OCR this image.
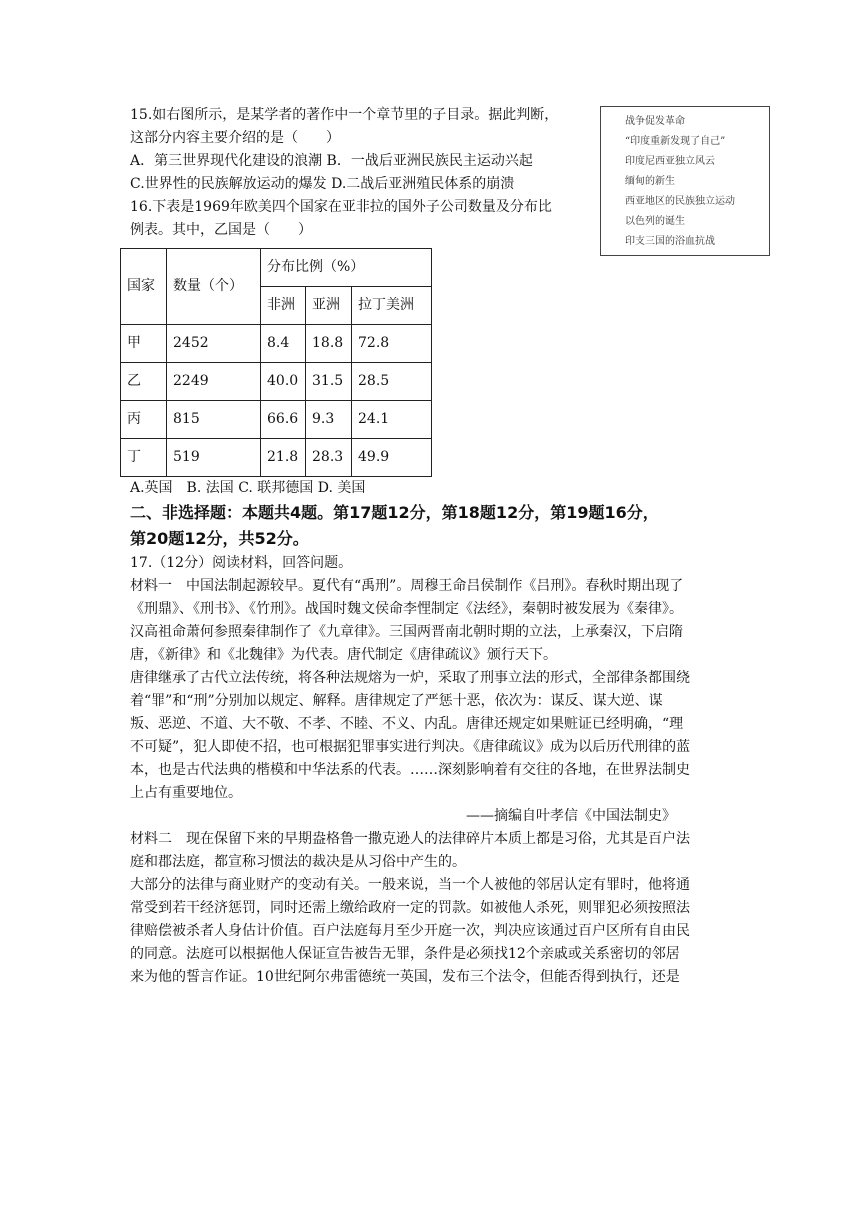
战争促发革命
“印度重新发现了自己”
印度尼西亚独立风云
缅甸的新生
西亚地区的民族独立运动
以色列的诞生
印支三国的浴血抗战
15.如右图所示，是某学者的著作中一个章节里的子目录。据此判断，
这部分内容主要介绍的是（　　）
A．第三世界现代化建设的浪潮 B．一战后亚洲民族民主运动兴起
C.世界性的民族解放运动的爆发 D.二战后亚洲殖民体系的崩溃
16.下表是1969年欧美四个国家在亚非拉的国外子公司数量及分布比
例表。其中，乙国是（　　）
国家	数量（个）	分布比例（%）		
		非洲	亚洲	拉丁美洲
甲	2452	8.4	18.8	72.8
乙	2249	40.0	31.5	28.5
丙	815	66.6	9.3	24.1
丁	519	21.8	28.3	49.9
A.英国　B. 法国 C. 联邦德国 D. 美国
二、非选择题：本题共4题。第17题12分，第18题12分，第19题16分，
第20题12分，共52分。
17.（12分）阅读材料，回答问题。
材料一　中国法制起源较早。夏代有“禹刑”。周穆王命吕侯制作《吕刑》。春秋时期出现了
《刑鼎》、《刑书》、《竹刑》。战国时魏文侯命李悝制定《法经》，秦朝时被发展为《秦律》。
汉高祖命萧何参照秦律制作了《九章律》。三国两晋南北朝时期的立法，上承秦汉，下启隋
唐，《新律》和《北魏律》为代表。唐代制定《唐律疏议》颁行天下。
唐律继承了古代立法传统，将各种法规熔为一炉，采取了刑事立法的形式，全部律条都围绕
着“罪”和“刑”分别加以规定、解释。唐律规定了严惩十恶，依次为：谋反、谋大逆、谋
叛、恶逆、不道、大不敬、不孝、不睦、不义、内乱。唐律还规定如果赃证已经明确，“理
不可疑”，犯人即使不招，也可根据犯罪事实进行判决。《唐律疏议》成为以后历代刑律的蓝
本，也是古代法典的楷模和中华法系的代表。……深刻影响着有交往的各地，在世界法制史
上占有重要地位。
——摘编自叶孝信《中国法制史》
材料二　现在保留下来的早期盎格鲁一撒克逊人的法律碎片本质上都是习俗，尤其是百户法
庭和郡法庭，都宣称习惯法的裁决是从习俗中产生的。
大部分的法律与商业财产的变动有关。一般来说，当一个人被他的邻居认定有罪时，他将通
常受到若干经济惩罚，同时还需上缴给政府一定的罚款。如被他人杀死，则罪犯必须按照法
律赔偿被杀者人身估计价值。百户法庭每月至少开庭一次，判决应该通过百户区所有自由民
的同意。法庭可以根据他人保证宣告被告无罪，条件是必须找12个亲戚或关系密切的邻居
来为他的誓言作证。10世纪阿尔弗雷德统一英国，发布三个法令，但能否得到执行，还是
